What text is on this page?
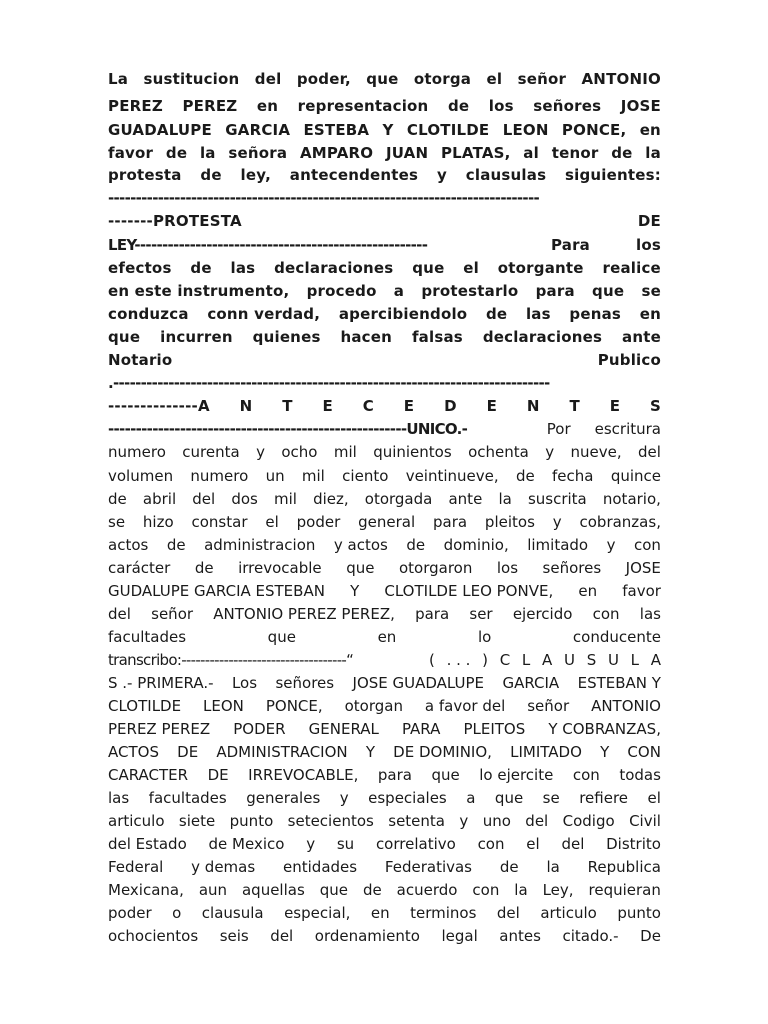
La sustitucion del poder, que otorga el señor ANTONIO
PEREZ PEREZ en representacion de los señores JOSE
GUADALUPE GARCIA ESTEBA Y CLOTILDE LEON PONCE, en
favor de la señora AMPARO JUAN PLATAS, al tenor de la
protesta de ley, antecendentes y clausulas siguientes:
------------------------------------------------------------------------------
-------PROTESTA	DE
LEY-----------------------------------------------------	Para	los
efectos de las declaraciones que el otorgante realice
en este instrumento, procedo a protestarlo para que se
conduzca conn verdad, apercibiendolo de las penas en
que incurren quienes hacen falsas declaraciones ante
Notario	Publico
.-------------------------------------------------------------------------------
--------------A N T E C E D E N T E S
------------------------------------------------------UNICO.-	Por escritura
numero curenta y ocho mil quinientos ochenta y nueve, del
volumen numero un mil ciento veintinueve, de fecha quince
de abril del dos mil diez, otorgada ante la suscrita notario,
se hizo constar el poder general para pleitos y cobranzas,
actos de administracion y actos de dominio, limitado y con
carácter de irrevocable que otorgaron los señores JOSE
GUDALUPE GARCIA ESTEBAN Y CLOTILDE LEO PONVE, en favor
del señor ANTONIO PEREZ PEREZ, para ser ejercido con las
facultades	que	en	lo	conducente
transcribo:-----------------------------------“	( . . . ) C L A U S U L A
S .- PRIMERA.- Los señores JOSE GUADALUPE GARCIA ESTEBAN Y
CLOTILDE LEON PONCE, otorgan a favor del señor ANTONIO
PEREZ PEREZ PODER GENERAL PARA PLEITOS Y COBRANZAS,
ACTOS DE ADMINISTRACION Y DE DOMINIO, LIMITADO Y CON
CARACTER DE IRREVOCABLE, para que lo ejercite con todas
las facultades generales y especiales a que se refiere el
articulo siete punto setecientos setenta y uno del Codigo Civil
del Estado de Mexico y su correlativo con el del Distrito
Federal y demas entidades Federativas de la Republica
Mexicana, aun aquellas que de acuerdo con la Ley, requieran
poder o clausula especial, en terminos del articulo punto
ochocientos seis del ordenamiento legal antes citado.- De
